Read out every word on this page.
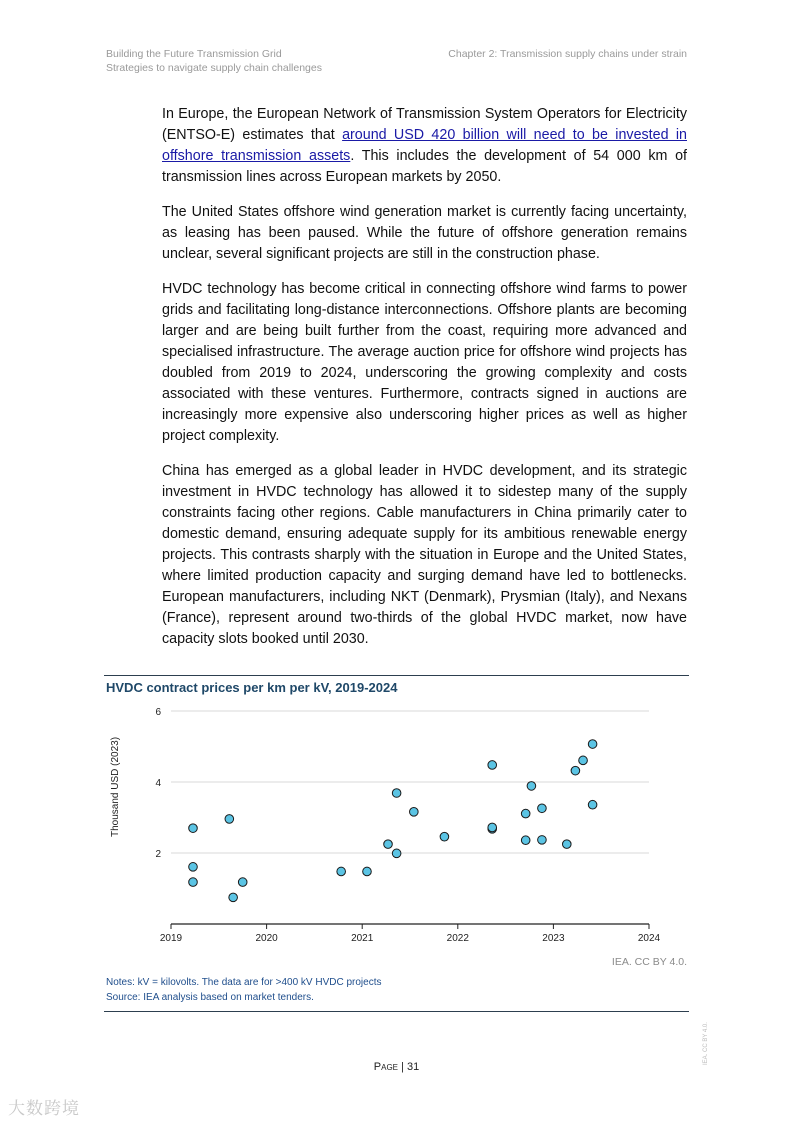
Building the Future Transmission Grid
Strategies to navigate supply chain challenges
Chapter 2: Transmission supply chains under strain

In Europe, the European Network of Transmission System Operators for Electricity (ENTSO-E) estimates that around USD 420 billion will need to be invested in offshore transmission assets. This includes the development of 54 000 km of transmission lines across European markets by 2050.

The United States offshore wind generation market is currently facing uncertainty, as leasing has been paused. While the future of offshore generation remains unclear, several significant projects are still in the construction phase.

HVDC technology has become critical in connecting offshore wind farms to power grids and facilitating long-distance interconnections. Offshore plants are becoming larger and are being built further from the coast, requiring more advanced and specialised infrastructure. The average auction price for offshore wind projects has doubled from 2019 to 2024, underscoring the growing complexity and costs associated with these ventures. Furthermore, contracts signed in auctions are increasingly more expensive also underscoring higher prices as well as higher project complexity.

China has emerged as a global leader in HVDC development, and its strategic investment in HVDC technology has allowed it to sidestep many of the supply constraints facing other regions. Cable manufacturers in China primarily cater to domestic demand, ensuring adequate supply for its ambitious renewable energy projects. This contrasts sharply with the situation in Europe and the United States, where limited production capacity and surging demand have led to bottlenecks. European manufacturers, including NKT (Denmark), Prysmian (Italy), and Nexans (France), represent around two-thirds of the global HVDC market, now have capacity slots booked until 2030.

HVDC contract prices per km per kV, 2019-2024
2
4
6
2019	2020	2021	2022	2023	2024
Thousand USD (2023)
IEA. CC BY 4.0.
Notes: kV = kilovolts. The data are for >400 kV HVDC projects
Source: IEA analysis based on market tenders.
Page | 31
IEA. CC BY 4.0.
大数跨境
